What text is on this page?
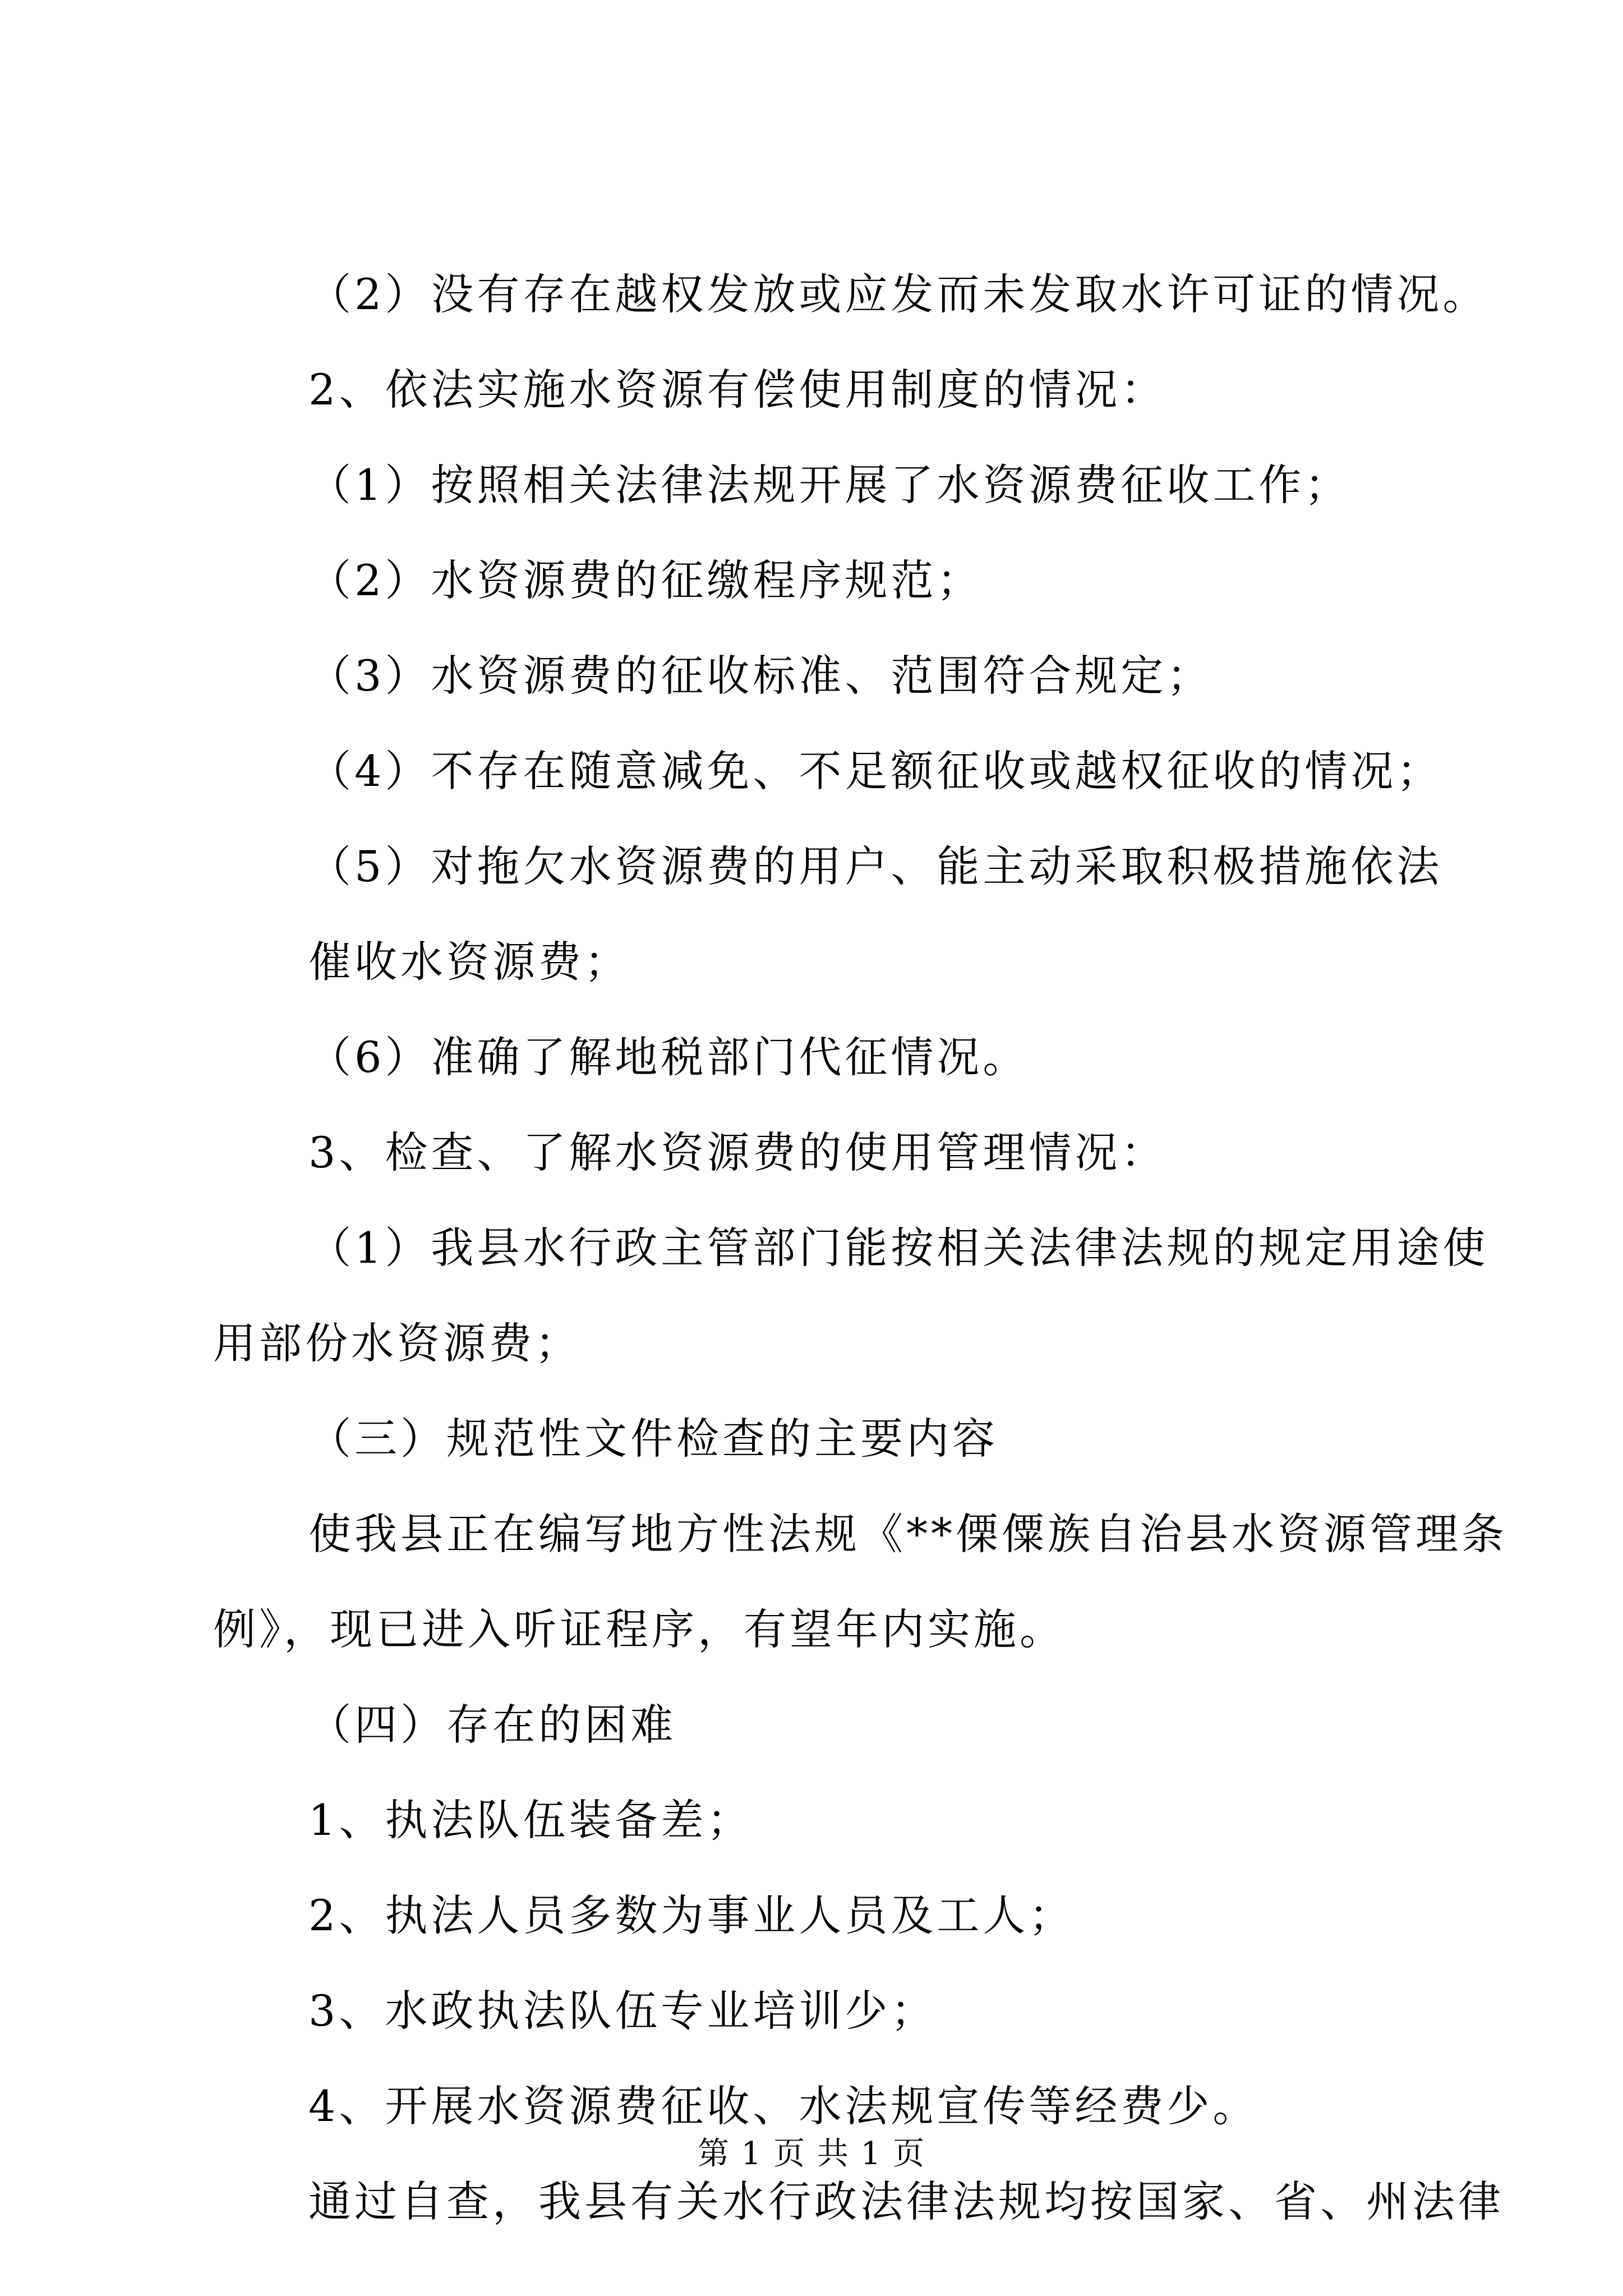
（2）没有存在越权发放或应发而未发取水许可证的情况。
2、依法实施水资源有偿使用制度的情况：
（1）按照相关法律法规开展了水资源费征收工作；
（2）水资源费的征缴程序规范；
（3）水资源费的征收标准、范围符合规定；
（4）不存在随意减免、不足额征收或越权征收的情况；
（5）对拖欠水资源费的用户、能主动采取积极措施依法
催收水资源费；
（6）准确了解地税部门代征情况。
3、检查、了解水资源费的使用管理情况：
（1）我县水行政主管部门能按相关法律法规的规定用途使
用部份水资源费；
（三）规范性文件检查的主要内容
使我县正在编写地方性法规《**傈僳族自治县水资源管理条
例》，现已进入听证程序，有望年内实施。
（四）存在的困难
1、执法队伍装备差；
2、执法人员多数为事业人员及工人；
3、水政执法队伍专业培训少；
4、开展水资源费征收、水法规宣传等经费少。
通过自查，我县有关水行政法律法规均按国家、省、州法律
第 1 页 共 1 页
